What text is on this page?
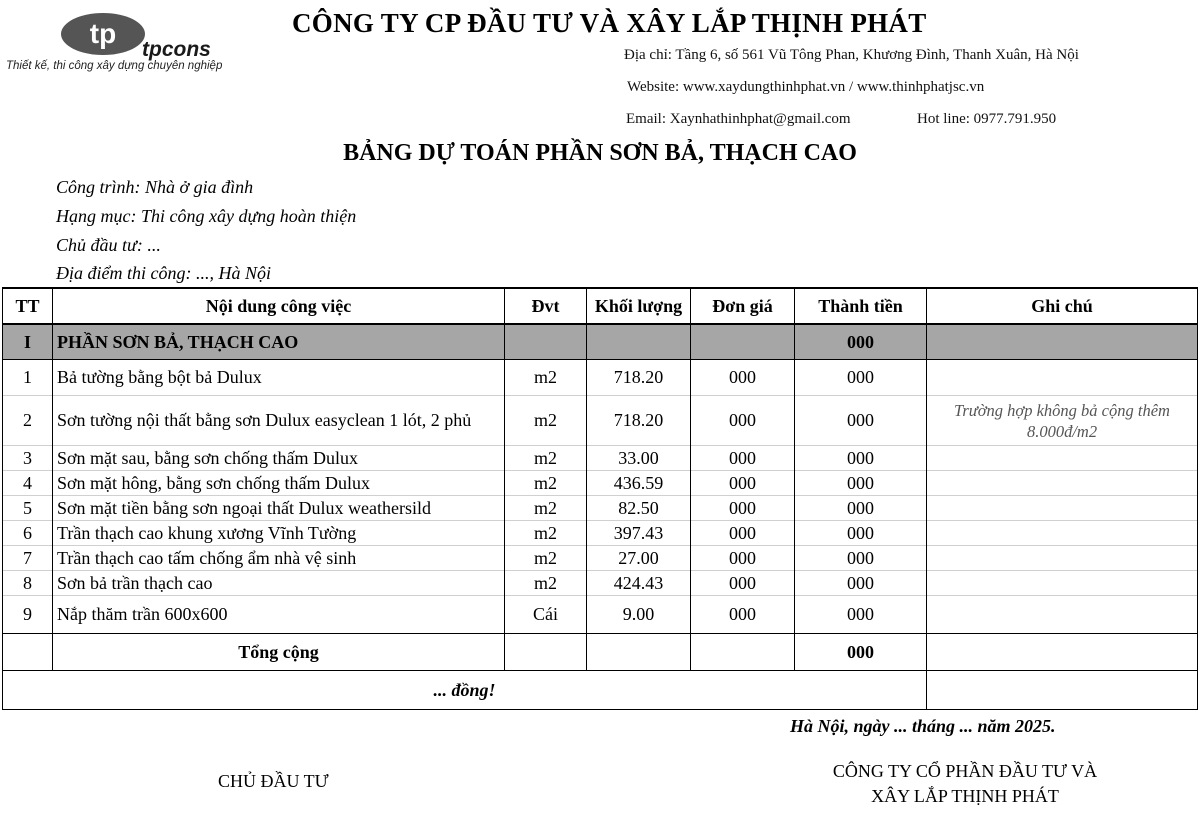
tp
tpcons
Thiết kế, thi công xây dựng chuyên nghiệp
CÔNG TY CP ĐẦU TƯ VÀ XÂY LẮP THỊNH PHÁT
Địa chỉ: Tầng 6, số 561 Vũ Tông Phan, Khương Đình, Thanh Xuân, Hà Nội
Website: www.xaydungthinhphat.vn / www.thinhphatjsc.vn
Email: Xaynhathinhphat@gmail.com	Hot line: 0977.791.950
BẢNG DỰ TOÁN PHẦN SƠN BẢ, THẠCH CAO
Công trình: Nhà ở gia đình
Hạng mục: Thi công xây dựng hoàn thiện
Chủ đầu tư: ...
Địa điểm thi công: ..., Hà Nội
TT	Nội dung công việc	Đvt	Khối lượng	Đơn giá	Thành tiền	Ghi chú
I	PHẦN SƠN BẢ, THẠCH CAO				000	
1	Bả tường bằng bột bả Dulux	m2	718.20	000	000	
2	Sơn tường nội thất bằng sơn Dulux easyclean 1 lót, 2 phủ	m2	718.20	000	000	Trường hợp không bả cộng thêm 8.000đ/m2
3	Sơn mặt sau, bằng sơn chống thấm Dulux	m2	33.00	000	000	
4	Sơn mặt hông, bằng sơn chống thấm Dulux	m2	436.59	000	000	
5	Sơn mặt tiền bằng sơn ngoại thất Dulux weathersild	m2	82.50	000	000	
6	Trần thạch cao khung xương Vĩnh Tường	m2	397.43	000	000	
7	Trần thạch cao tấm chống ẩm nhà vệ sinh	m2	27.00	000	000	
8	Sơn bả trần thạch cao	m2	424.43	000	000	
9	Nắp thăm trần 600x600	Cái	9.00	000	000	
	Tổng cộng				000	
... đồng!						
Hà Nội, ngày ... tháng ... năm 2025.
CHỦ ĐẦU TƯ	CÔNG TY CỔ PHẦN ĐẦU TƯ VÀ
XÂY LẮP THỊNH PHÁT
